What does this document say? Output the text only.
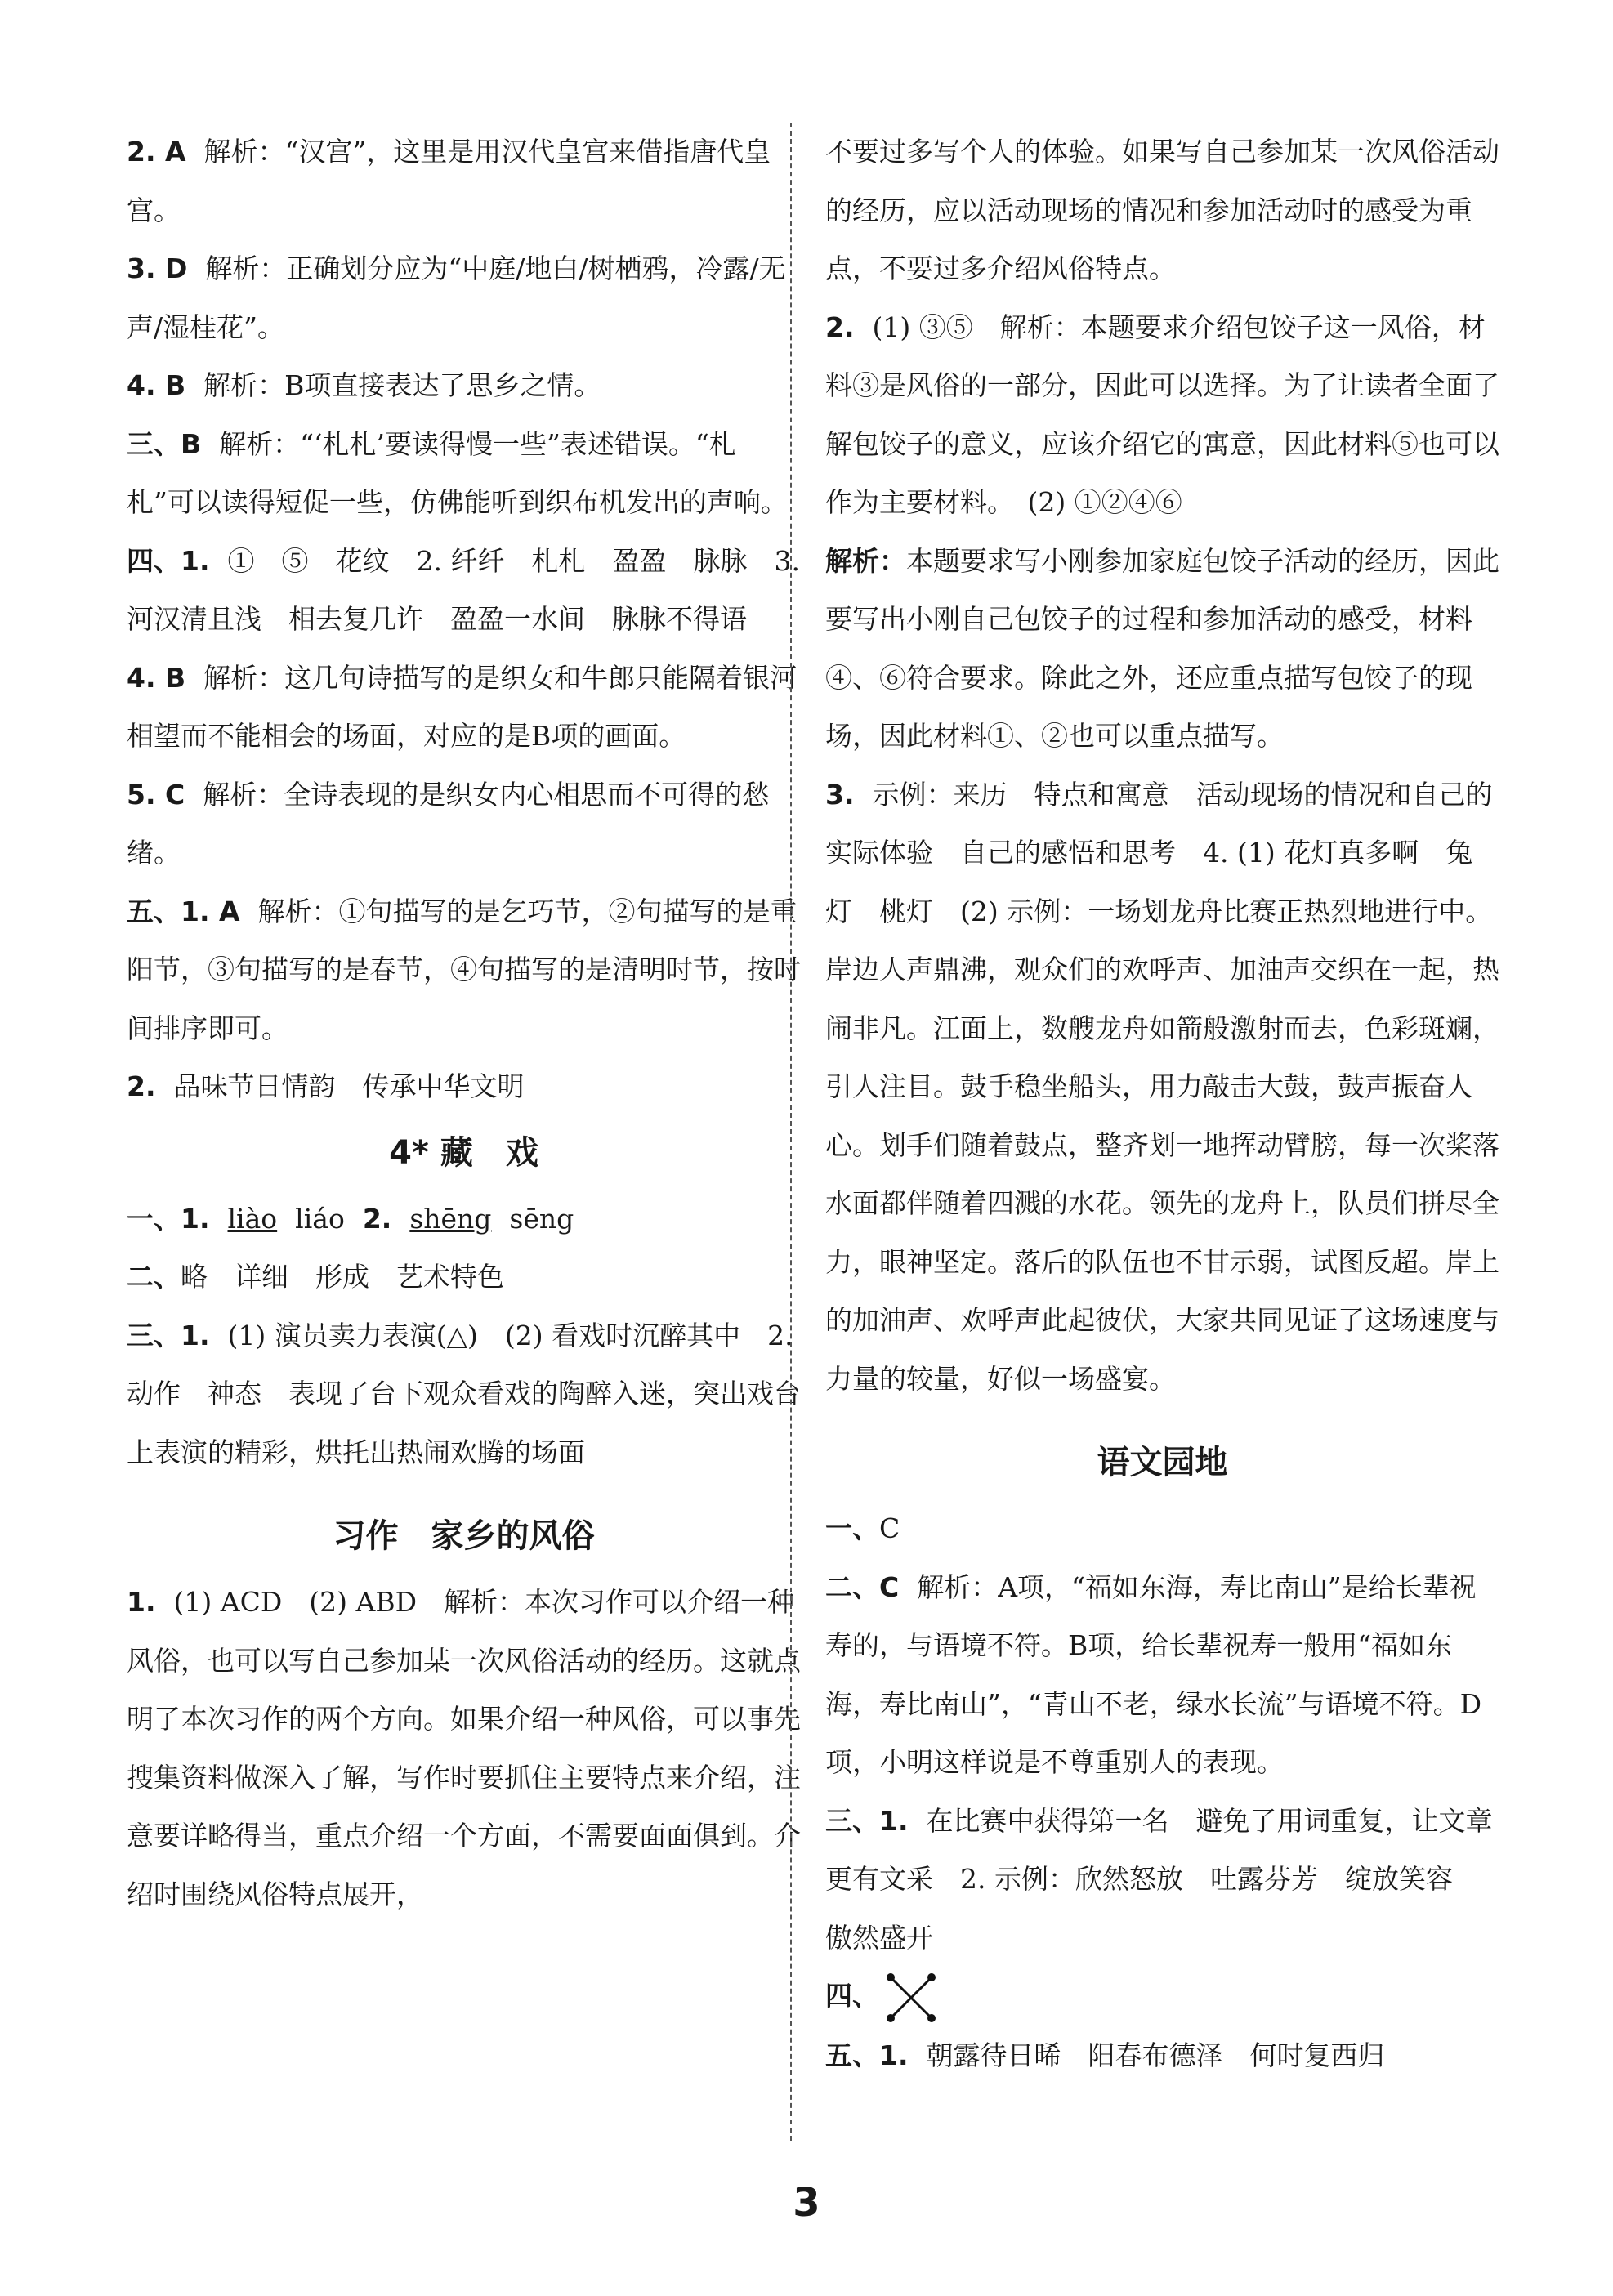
2. A 解析：“汉宫”，这里是用汉代皇宫来借指唐代皇宫。

3. D 解析：正确划分应为“中庭/地白/树栖鸦，冷露/无声/湿桂花”。

4. B 解析：B项直接表达了思乡之情。

三、B 解析：“‘札札’要读得慢一些”表述错误。“札札”可以读得短促一些，仿佛能听到织布机发出的声响。

四、1. ①　⑤　花纹　2. 纤纤　札札　盈盈　脉脉　3. 河汉清且浅　相去复几许　盈盈一水间　脉脉不得语

4. B 解析：这几句诗描写的是织女和牛郎只能隔着银河相望而不能相会的场面，对应的是B项的画面。

5. C 解析：全诗表现的是织女内心相思而不可得的愁绪。

五、1. A 解析：①句描写的是乞巧节，②句描写的是重阳节，③句描写的是春节，④句描写的是清明时节，按时间排序即可。

2. 品味节日情韵　传承中华文明

4* 藏　戏

一、1. liào liáo 2. shēng sēng

二、略　详细　形成　艺术特色

三、1. (1) 演员卖力表演(△)　(2) 看戏时沉醉其中　2. 动作　神态　表现了台下观众看戏的陶醉入迷，突出戏台上表演的精彩，烘托出热闹欢腾的场面

习作　家乡的风俗

1. (1) ACD　(2) ABD　解析：本次习作可以介绍一种风俗，也可以写自己参加某一次风俗活动的经历。这就点明了本次习作的两个方向。如果介绍一种风俗，可以事先搜集资料做深入了解，写作时要抓住主要特点来介绍，注意要详略得当，重点介绍一个方面，不需要面面俱到。介绍时围绕风俗特点展开，

不要过多写个人的体验。如果写自己参加某一次风俗活动的经历，应以活动现场的情况和参加活动时的感受为重点，不要过多介绍风俗特点。

2. (1) ③⑤　解析：本题要求介绍包饺子这一风俗，材料③是风俗的一部分，因此可以选择。为了让读者全面了解包饺子的意义，应该介绍它的寓意，因此材料⑤也可以作为主要材料。　(2) ①②④⑥

解析：本题要求写小刚参加家庭包饺子活动的经历，因此要写出小刚自己包饺子的过程和参加活动的感受，材料④、⑥符合要求。除此之外，还应重点描写包饺子的现场，因此材料①、②也可以重点描写。

3. 示例：来历　特点和寓意　活动现场的情况和自己的实际体验　自己的感悟和思考　4. (1) 花灯真多啊　兔灯　桃灯　(2) 示例：一场划龙舟比赛正热烈地进行中。岸边人声鼎沸，观众们的欢呼声、加油声交织在一起，热闹非凡。江面上，数艘龙舟如箭般激射而去，色彩斑斓，引人注目。鼓手稳坐船头，用力敲击大鼓，鼓声振奋人心。划手们随着鼓点，整齐划一地挥动臂膀，每一次桨落水面都伴随着四溅的水花。领先的龙舟上，队员们拼尽全力，眼神坚定。落后的队伍也不甘示弱，试图反超。岸上的加油声、欢呼声此起彼伏，大家共同见证了这场速度与力量的较量，好似一场盛宴。

语文园地

一、C

二、C 解析：A项，“福如东海，寿比南山”是给长辈祝寿的，与语境不符。B项，给长辈祝寿一般用“福如东海，寿比南山”，“青山不老，绿水长流”与语境不符。D项，小明这样说是不尊重别人的表现。

三、1. 在比赛中获得第一名　避免了用词重复，让文章更有文采　2. 示例：欣然怒放　吐露芬芳　绽放笑容　傲然盛开

四、

五、1. 朝露待日晞　阳春布德泽　何时复西归

3
